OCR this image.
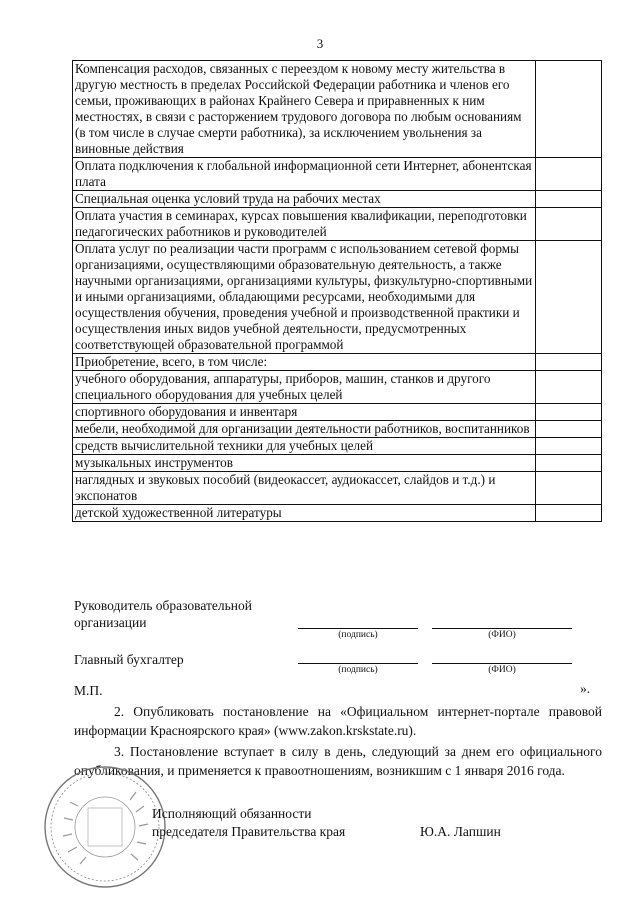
3
Компенсация расходов, связанных с переездом к новому месту жительства в другую местность в пределах Российской Федерации работника и членов его семьи, проживающих в районах Крайнего Севера и приравненных к ним местностях, в связи с расторжением трудового договора по любым основаниям (в том числе в случае смерти работника), за исключением увольнения за виновные действия	
Оплата подключения к глобальной информационной сети Интернет, абонентская плата	
Специальная оценка условий труда на рабочих местах	
Оплата участия в семинарах, курсах повышения квалификации, переподготовки педагогических работников и руководителей	
Оплата услуг по реализации части программ с использованием сетевой формы организациями, осуществляющими образовательную деятельность, а также научными организациями, организациями культуры, физкультурно-спортивными и иными организациями, обладающими ресурсами, необходимыми для осуществления обучения, проведения учебной и производственной практики и осуществления иных видов учебной деятельности, предусмотренных соответствующей образовательной программой	
Приобретение, всего, в том числе:	
учебного оборудования, аппаратуры, приборов, машин, станков и другого специального оборудования для учебных целей	
спортивного оборудования и инвентаря	
мебели, необходимой для организации деятельности работников, воспитанников	
средств вычислительной техники для учебных целей	
музыкальных инструментов	
наглядных и звуковых пособий (видеокассет, аудиокассет, слайдов и т.д.) и экспонатов	
детской художественной литературы	
Руководитель образовательной
организации
(подпись)	(ФИО)
Главный бухгалтер
(подпись)	(ФИО)
М.П.	».
2. Опубликовать постановление на «Официальном интернет-портале правовой информации Красноярского края» (www.zakon.krskstate.ru).
3. Постановление вступает в силу в день, следующий за днем его официального опубликования, и применяется к правоотношениям, возникшим с 1 января 2016 года.
Исполняющий обязанности
председателя Правительства края	Ю.А. Лапшин
